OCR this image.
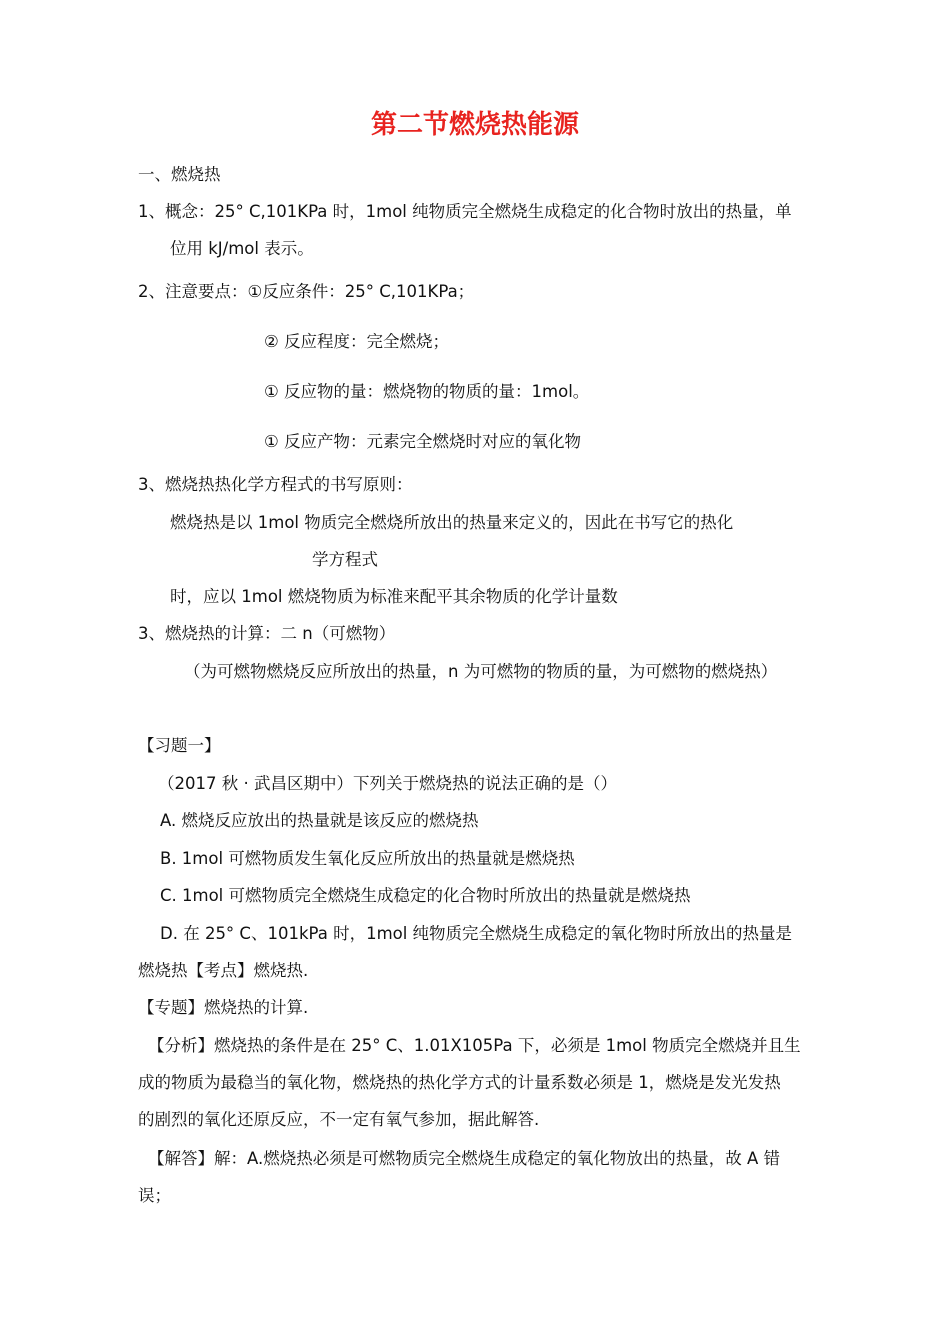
第二节燃烧热能源
一、燃烧热
1、概念：25° C,101KPa 时，1mol 纯物质完全燃烧生成稳定的化合物时放出的热量，单
位用 kJ/mol 表示。
2、注意要点：①反应条件：25° C,101KPa；
② 反应程度：完全燃烧；
① 反应物的量：燃烧物的物质的量：1mol。
① 反应产物：元素完全燃烧时对应的氧化物
3、燃烧热热化学方程式的书写原则：
燃烧热是以 1mol 物质完全燃烧所放出的热量来定义的，因此在书写它的热化
学方程式
时，应以 1mol 燃烧物质为标准来配平其余物质的化学计量数
3、燃烧热的计算：二 n（可燃物）
（为可燃物燃烧反应所放出的热量，n 为可燃物的物质的量，为可燃物的燃烧热）
【习题一】
（2017 秋 · 武昌区期中）下列关于燃烧热的说法正确的是（）
A. 燃烧反应放出的热量就是该反应的燃烧热
B. 1mol 可燃物质发生氧化反应所放出的热量就是燃烧热
C. 1mol 可燃物质完全燃烧生成稳定的化合物时所放出的热量就是燃烧热
D. 在 25° C、101kPa 时，1mol 纯物质完全燃烧生成稳定的氧化物时所放出的热量是
燃烧热【考点】燃烧热.
【专题】燃烧热的计算.
【分析】燃烧热的条件是在 25° C、1.01X105Pa 下，必须是 1mol 物质完全燃烧并且生
成的物质为最稳当的氧化物，燃烧热的热化学方式的计量系数必须是 1，燃烧是发光发热
的剧烈的氧化还原反应，不一定有氧气参加，据此解答.
【解答】解：A.燃烧热必须是可燃物质完全燃烧生成稳定的氧化物放出的热量，故 A 错
误；
